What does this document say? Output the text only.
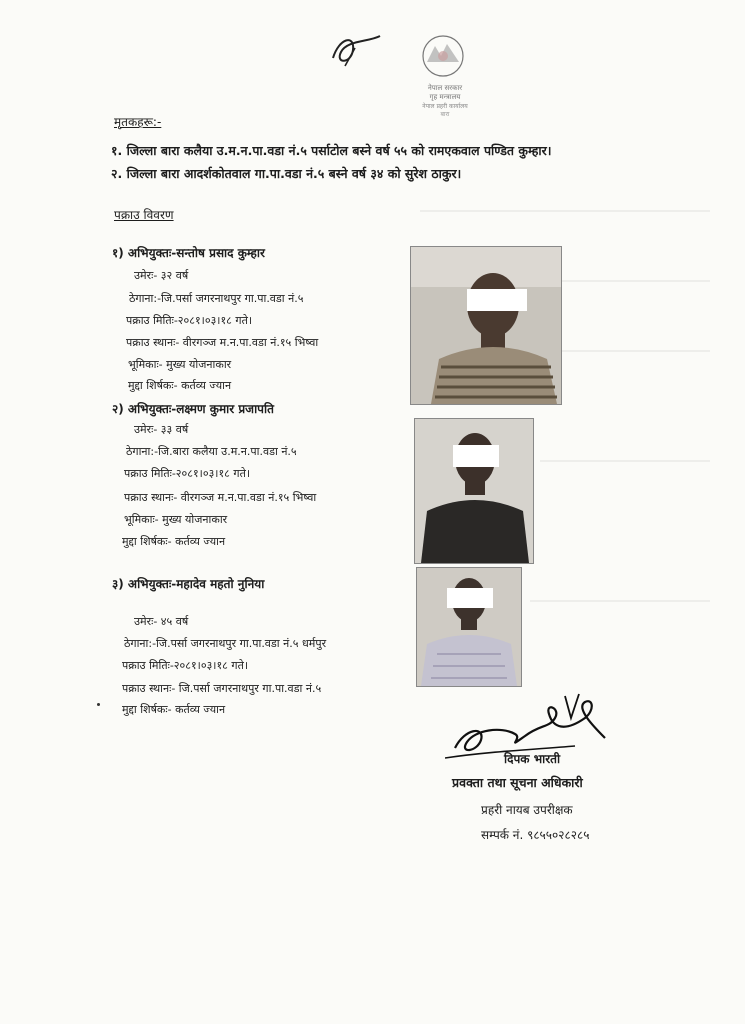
नेपाल सरकार
गृह मन्त्रालय
नेपाल प्रहरी कार्यालय
बारा
मृतकहरू:-
१. जिल्ला बारा कलैया उ.म.न.पा.वडा नं.५ पर्साटोल बस्ने वर्ष ५५ को रामएकवाल पण्डित कुम्हार।
२. जिल्ला बारा आदर्शकोतवाल गा.पा.वडा नं.५ बस्ने वर्ष ३४ को सुरेश ठाकुर।
पक्राउ विवरण
१) अभियुक्तः-सन्तोष प्रसाद कुम्हार
उमेरः- ३२ वर्ष
ठेगाना:-जि.पर्सा जगरनाथपुर गा.पा.वडा नं.५
पक्राउ मितिः-२०८१।०३।१८ गते।
पक्राउ स्थानः- वीरगञ्ज म.न.पा.वडा नं.१५ भिष्वा
भूमिकाः- मुख्य योजनाकार
मुद्दा शिर्षकः- कर्तव्य ज्यान
२) अभियुक्तः-लक्ष्मण कुमार प्रजापति
उमेरः- ३३ वर्ष
ठेगाना:-जि.बारा कलैया उ.म.न.पा.वडा नं.५
पक्राउ मितिः-२०८१।०३।१८ गते।
पक्राउ स्थानः- वीरगञ्ज म.न.पा.वडा नं.१५ भिष्वा
भूमिकाः- मुख्य योजनाकार
मुद्दा शिर्षकः- कर्तव्य ज्यान
३) अभियुक्तः-महादेव महतो नुनिया
उमेरः- ४५ वर्ष
ठेगाना:-जि.पर्सा जगरनाथपुर गा.पा.वडा नं.५ धर्मपुर
पक्राउ मितिः-२०८१।०३।१८ गते।
पक्राउ स्थानः- जि.पर्सा जगरनाथपुर गा.पा.वडा नं.५
मुद्दा शिर्षकः- कर्तव्य ज्यान
दिपक भारती
प्रवक्ता तथा सूचना अधिकारी
प्रहरी नायब उपरीक्षक
सम्पर्क नं. ९८५५०२८२८५
